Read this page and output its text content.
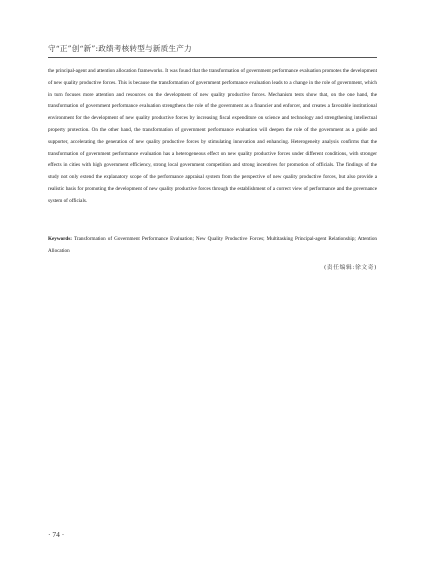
守“正”创“新”:政绩考核转型与新质生产力

the principal-agent and attention allocation frameworks. It was found that the transformation of government performance evaluation promotes the development of new quality productive forces. This is because the transformation of government performance evaluation leads to a change in the role of government, which in turn focuses more attention and resources on the development of new quality productive forces. Mechanism tests show that, on the one hand, the transformation of government performance evaluation strengthens the role of the government as a financier and enforcer, and creates a favorable institutional environment for the development of new quality productive forces by increasing fiscal expenditure on science and technology and strengthening intellectual property protection. On the other hand, the transformation of government performance evaluation will deepen the role of the government as a guide and supporter, accelerating the generation of new quality productive forces by stimulating innovation and enhancing. Heterogeneity analysis confirms that the transformation of government performance evaluation has a heterogeneous effect on new quality productive forces under different conditions, with stronger effects in cities with high government efficiency, strong local government competition and strong incentives for promotion of officials. The findings of the study not only extend the explanatory scope of the performance appraisal system from the perspective of new quality productive forces, but also provide a realistic basis for promoting the development of new quality productive forces through the establishment of a correct view of performance and the governance system of officials.

Keywords: Transformation of Government Performance Evaluation; New Quality Productive Forces; Multitasking Principal-agent Relationship; Attention Allocation

(责任编辑:徐文奇)
· 74 ·
